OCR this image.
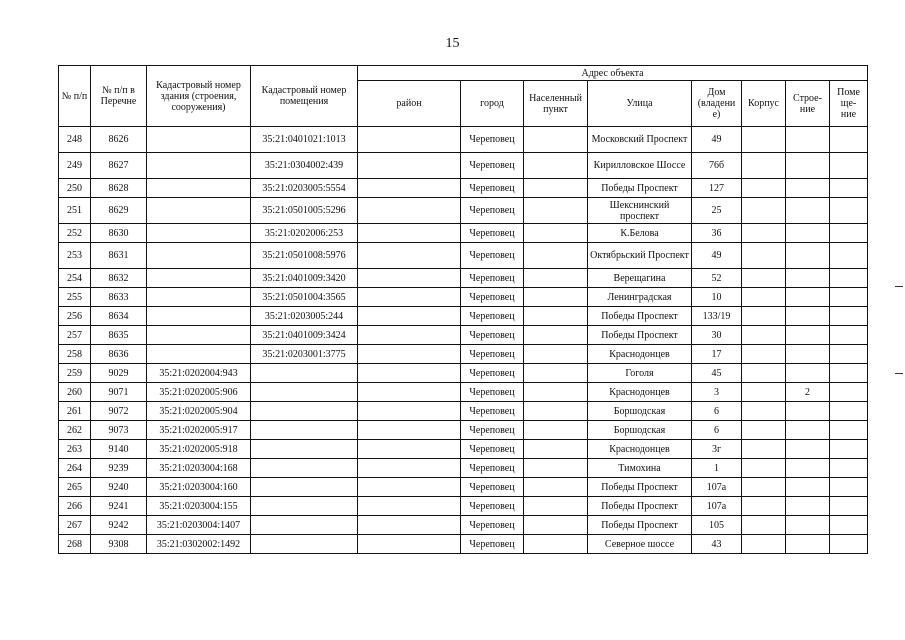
15
№ п/п	№ п/п в Перечне	Кадастровый номер здания (строения, сооружения)	Кадастровый номер помещения	Адрес объекта							
				район	город	Населенный пункт	Улица	Дом (владени е)	Корпус	Строе- ние	Поме ще- ние
248	8626		35:21:0401021:1013		Череповец		Московский Проспект	49			
249	8627		35:21:0304002:439		Череповец		Кирилловское Шоссе	76б			
250	8628		35:21:0203005:5554		Череповец		Победы Проспект	127			
251	8629		35:21:0501005:5296		Череповец		Шекснинский проспект	25			
252	8630		35:21:0202006:253		Череповец		К.Белова	36			
253	8631		35:21:0501008:5976		Череповец		Октябрьский Проспект	49			
254	8632		35:21:0401009:3420		Череповец		Верещагина	52			
255	8633		35:21:0501004:3565		Череповец		Ленинградская	10			
256	8634		35:21:0203005:244		Череповец		Победы Проспект	133/19			
257	8635		35:21:0401009:3424		Череповец		Победы Проспект	30			
258	8636		35:21:0203001:3775		Череповец		Краснодонцев	17			
259	9029	35:21:0202004:943			Череповец		Гоголя	45			
260	9071	35:21:0202005:906			Череповец		Краснодонцев	3		2	
261	9072	35:21:0202005:904			Череповец		Боршодская	6			
262	9073	35:21:0202005:917			Череповец		Боршодская	6			
263	9140	35:21:0202005:918			Череповец		Краснодонцев	3г			
264	9239	35:21:0203004:168			Череповец		Тимохина	1			
265	9240	35:21:0203004:160			Череповец		Победы Проспект	107а			
266	9241	35:21:0203004:155			Череповец		Победы Проспект	107а			
267	9242	35:21:0203004:1407			Череповец		Победы Проспект	105			
268	9308	35:21:0302002:1492			Череповец		Северное шоссе	43			
